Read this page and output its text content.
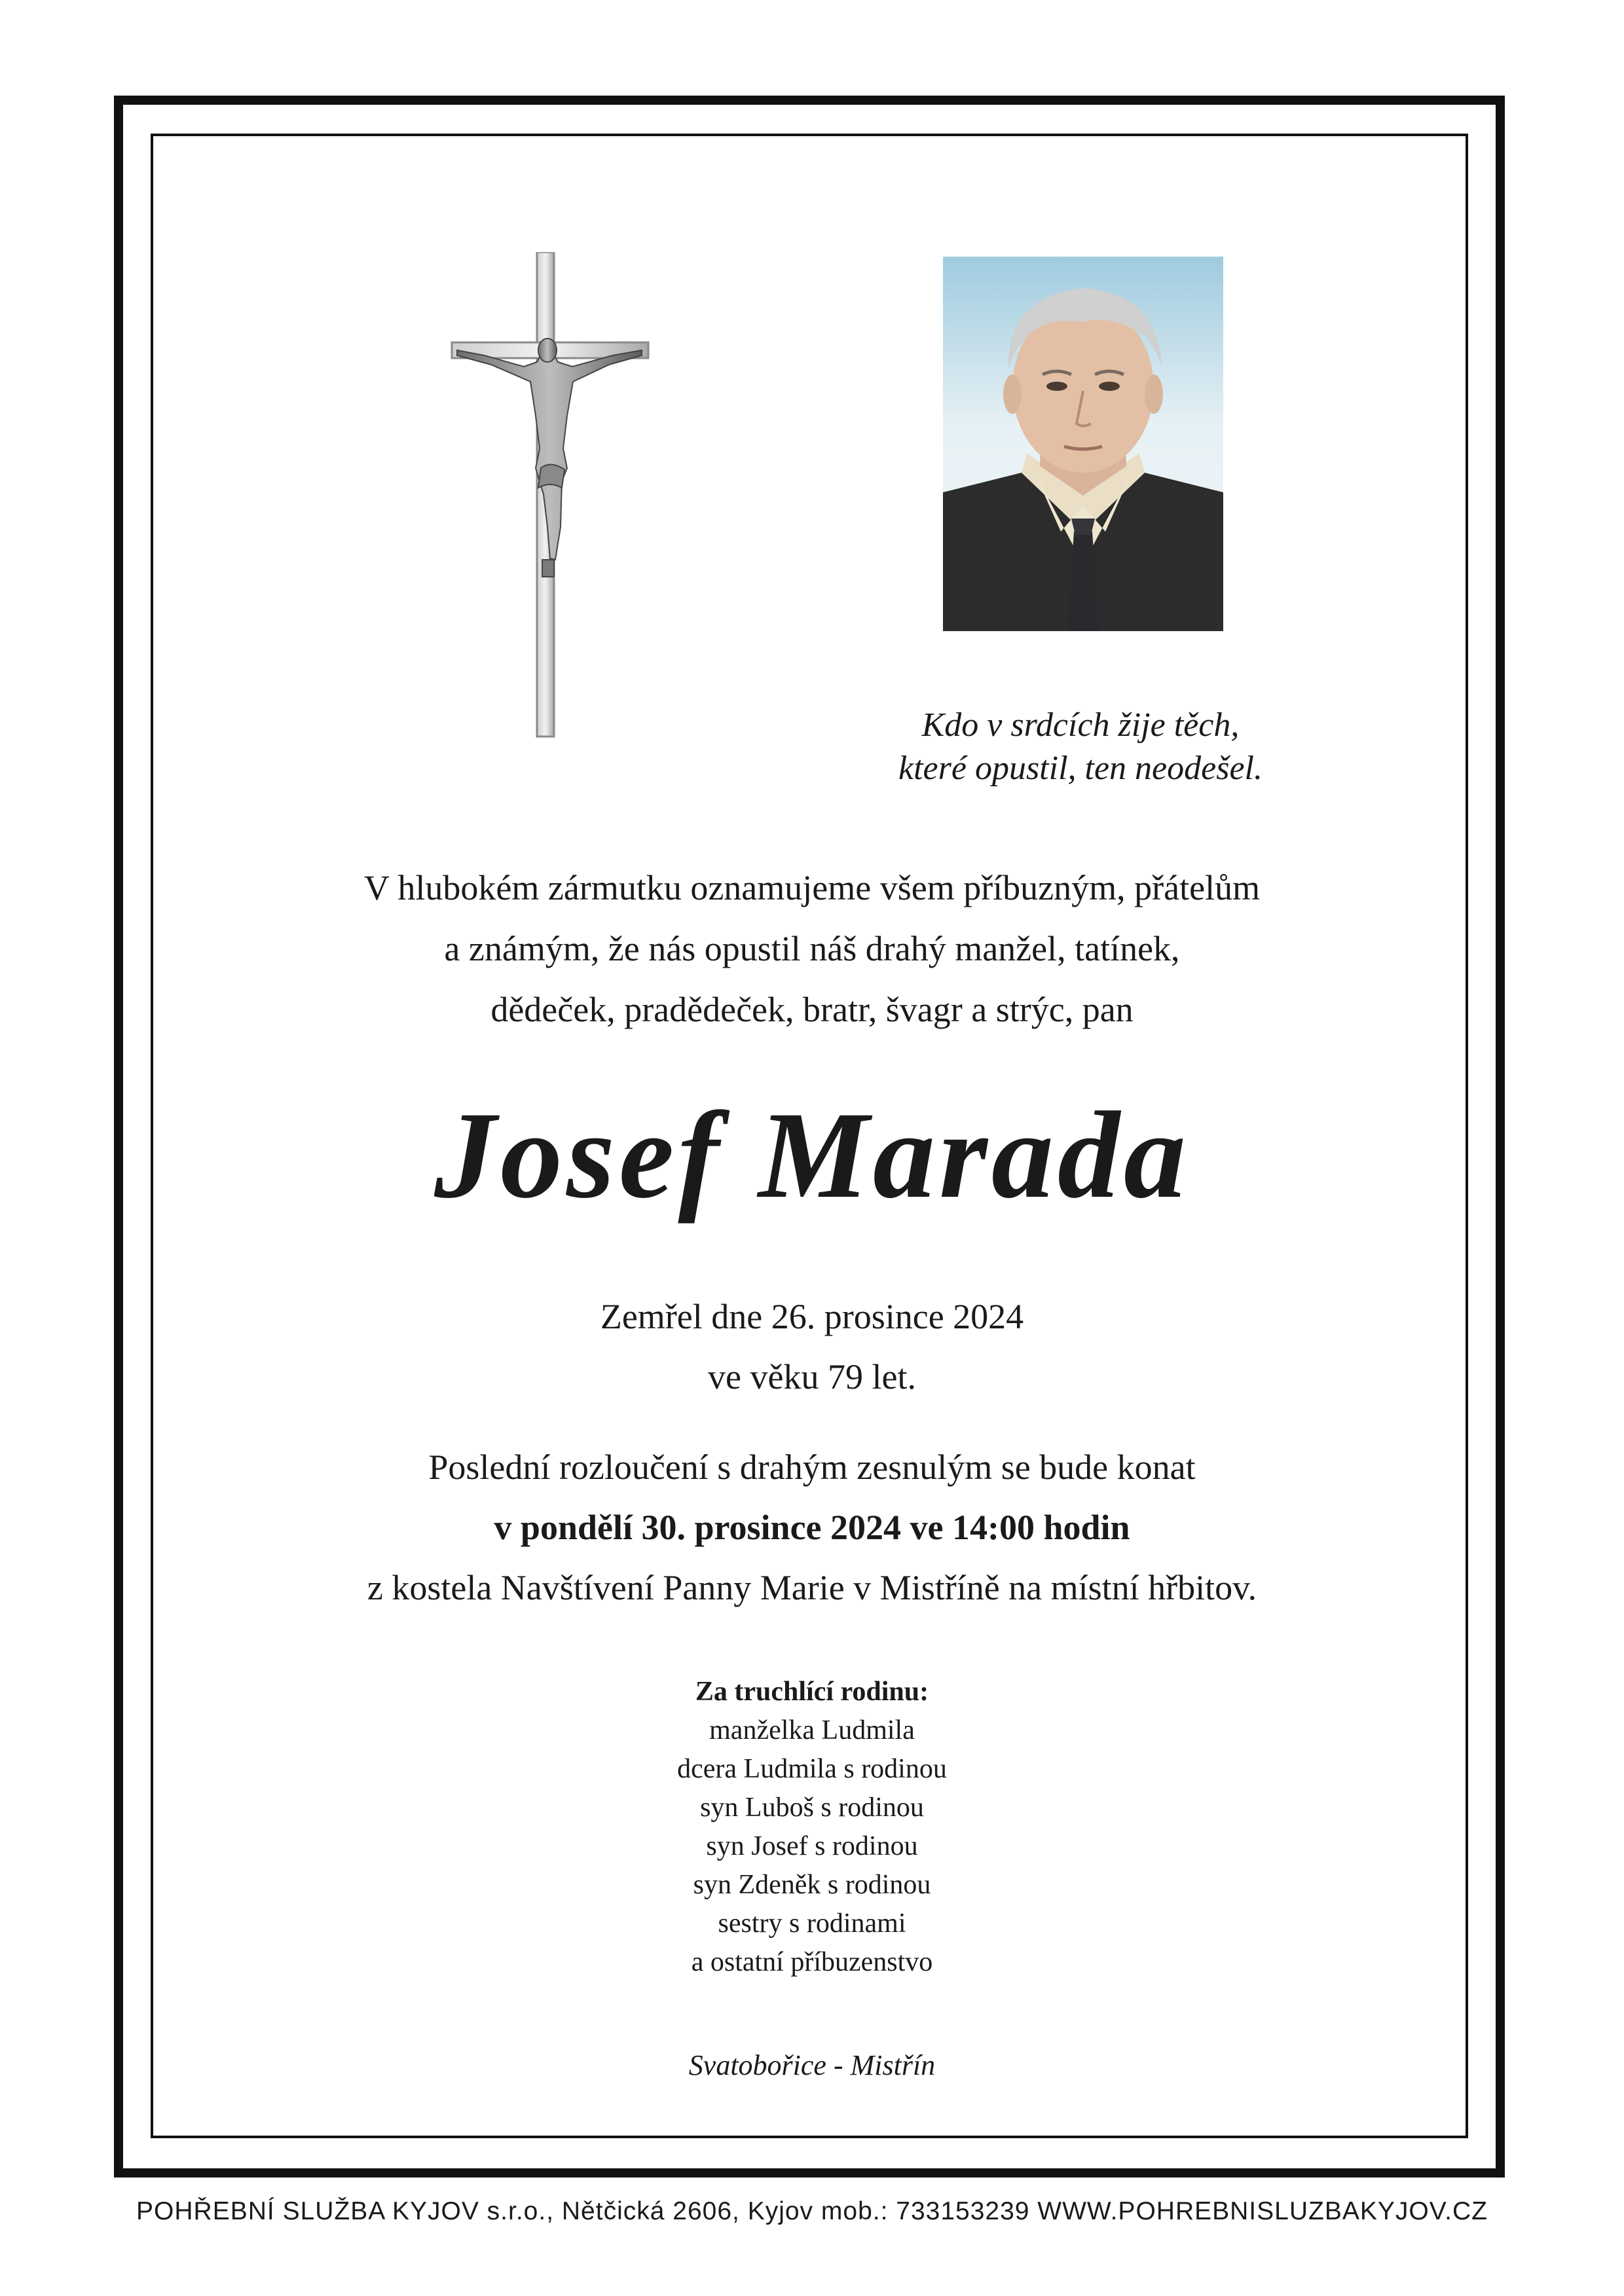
Kdo v srdcích žije těch,
které opustil, ten neodešel.
V hlubokém zármutku oznamujeme všem příbuzným, přátelům
a známým, že nás opustil náš drahý manžel, tatínek,
dědeček, pradědeček, bratr, švagr a strýc, pan
Josef Marada
Zemřel dne 26. prosince 2024
ve věku 79 let.
Poslední rozloučení s drahým zesnulým se bude konat
v pondělí 30. prosince 2024 ve 14:00 hodin
z kostela Navštívení Panny Marie v Mistříně na místní hřbitov.
Za truchlící rodinu:
manželka Ludmila
dcera Ludmila s rodinou
syn Luboš s rodinou
syn Josef s rodinou
syn Zdeněk s rodinou
sestry s rodinami
a ostatní příbuzenstvo
Svatobořice - Mistřín
POHŘEBNÍ SLUŽBA KYJOV s.r.o., Nětčická 2606, Kyjov mob.: 733153239 WWW.POHREBNISLUZBAKYJOV.CZ
